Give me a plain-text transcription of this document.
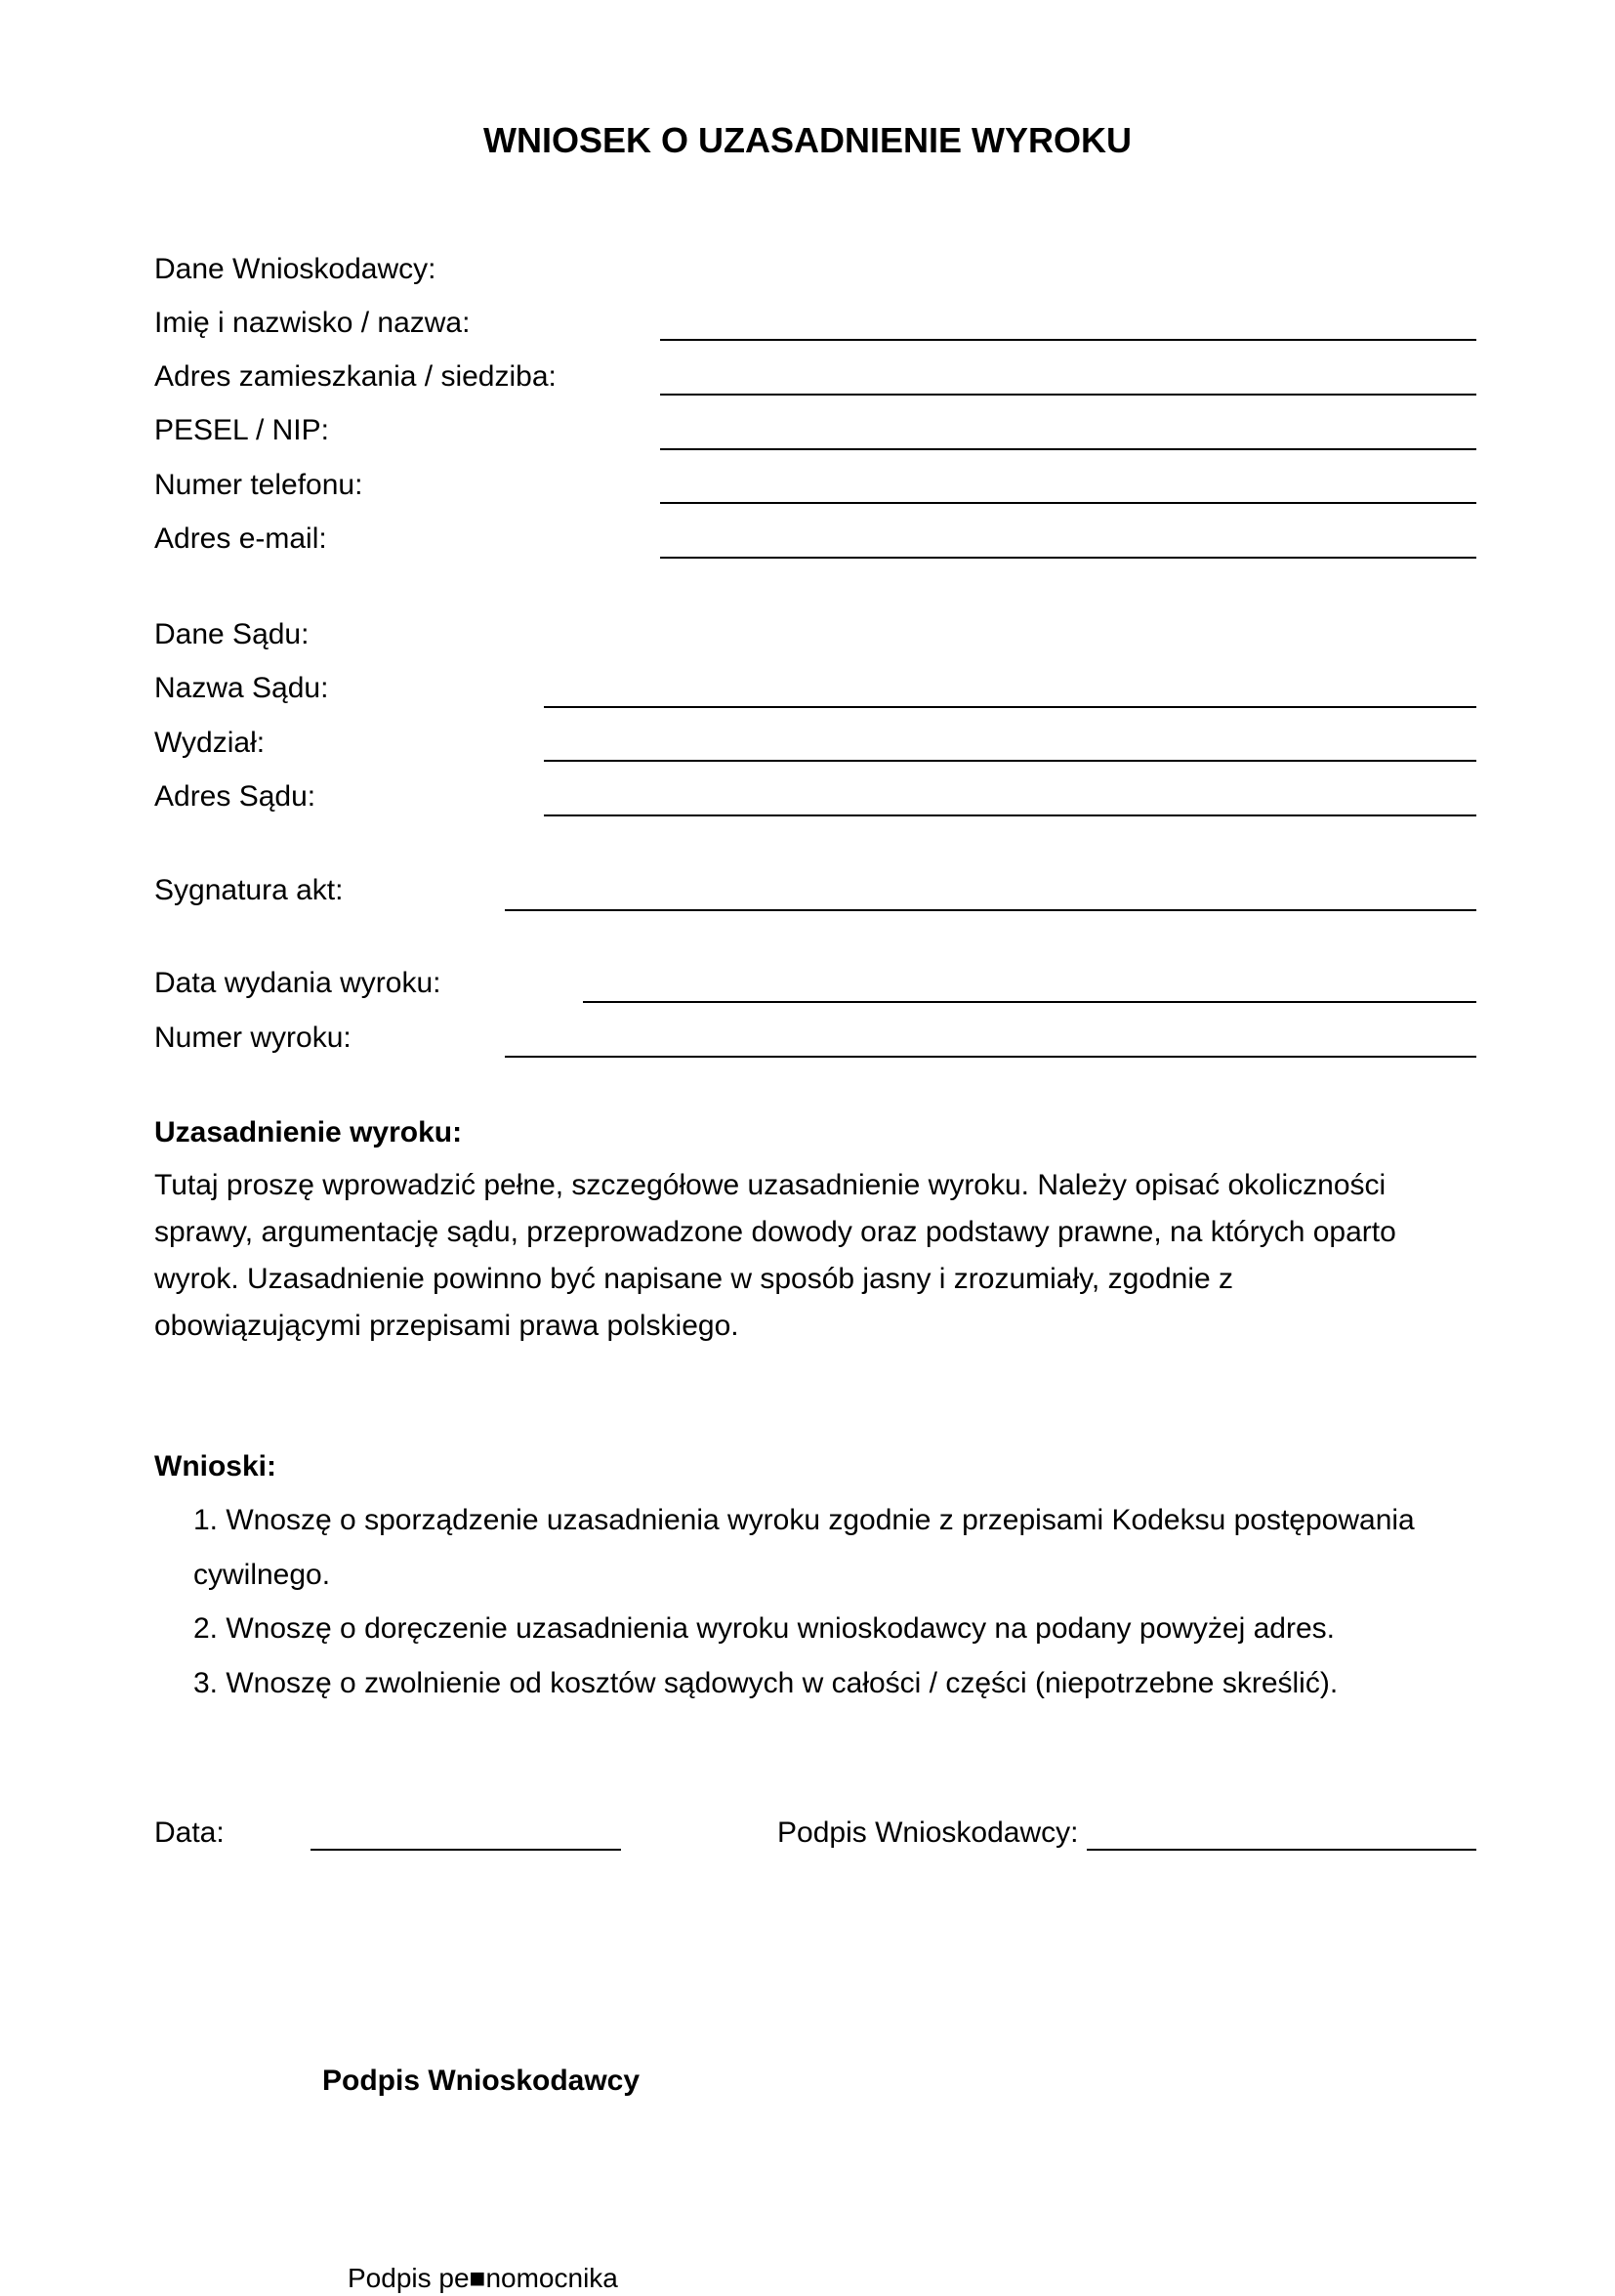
WNIOSEK O UZASADNIENIE WYROKU
Dane Wnioskodawcy:
Imię i nazwisko / nazwa:
Adres zamieszkania / siedziba:
PESEL / NIP:
Numer telefonu:
Adres e-mail:
Dane Sądu:
Nazwa Sądu:
Wydział:
Adres Sądu:
Sygnatura akt:
Data wydania wyroku:
Numer wyroku:
Uzasadnienie wyroku:
Tutaj proszę wprowadzić pełne, szczegółowe uzasadnienie wyroku. Należy opisać okoliczności
sprawy, argumentację sądu, przeprowadzone dowody oraz podstawy prawne, na których oparto
wyrok. Uzasadnienie powinno być napisane w sposób jasny i zrozumiały, zgodnie z
obowiązującymi przepisami prawa polskiego.
Wnioski:
1. Wnoszę o sporządzenie uzasadnienia wyroku zgodnie z przepisami Kodeksu postępowania
cywilnego.
2. Wnoszę o doręczenie uzasadnienia wyroku wnioskodawcy na podany powyżej adres.
3. Wnoszę o zwolnienie od kosztów sądowych w całości / części (niepotrzebne skreślić).
Data:	Podpis Wnioskodawcy:
Podpis Wnioskodawcy
Podpis pe■nomocnika
